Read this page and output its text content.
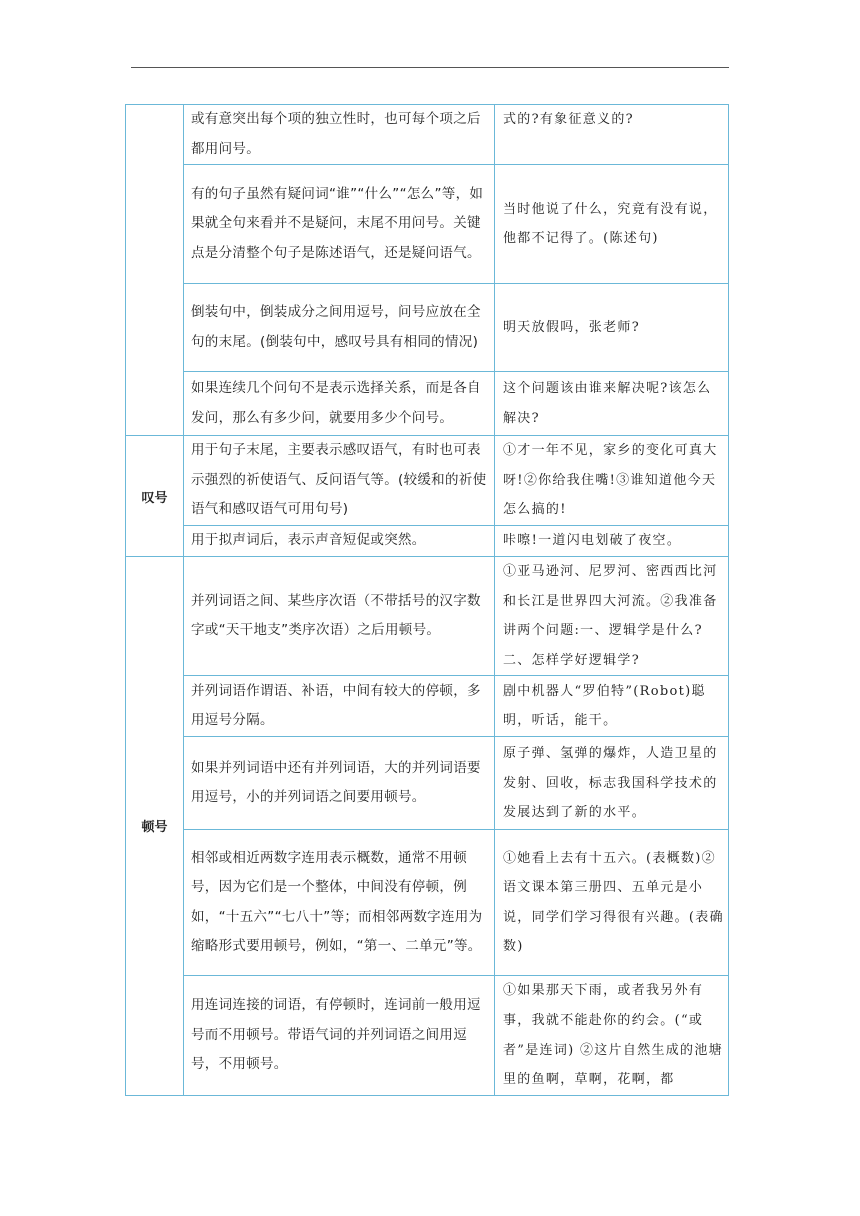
	或有意突出每个项的独立性时，也可每个项之后都用问号。	式的?有象征意义的?

	有的句子虽然有疑问词“谁”“什么”“怎么”等，如果就全句来看并不是疑问，末尾不用问号。关键点是分清整个句子是陈述语气，还是疑问语气。	当时他说了什么，究竟有没有说，他都不记得了。(陈述句)

	倒装句中，倒装成分之间用逗号，问号应放在全句的末尾。(倒装句中，感叹号具有相同的情况)	明天放假吗，张老师?

	如果连续几个问句不是表示选择关系，而是各自发问，那么有多少问，就要用多少个问号。	这个问题该由谁来解决呢?该怎么解决?

叹号	用于句子末尾，主要表示感叹语气，有时也可表示强烈的祈使语气、反问语气等。(较缓和的祈使语气和感叹语气可用句号)	①才一年不见，家乡的变化可真大呀!②你给我住嘴!③谁知道他今天怎么搞的!

	用于拟声词后，表示声音短促或突然。	咔嚓!一道闪电划破了夜空。

顿号	并列词语之间、某些序次语（不带括号的汉字数字或“天干地支”类序次语）之后用顿号。	①亚马逊河、尼罗河、密西西比河和长江是世界四大河流。②我准备讲两个问题:一、逻辑学是什么?二、怎样学好逻辑学?

	并列词语作谓语、补语，中间有较大的停顿，多用逗号分隔。	剧中机器人“罗伯特”(Robot)聪明，听话，能干。

	如果并列词语中还有并列词语，大的并列词语要用逗号，小的并列词语之间要用顿号。	原子弹、氢弹的爆炸，人造卫星的发射、回收，标志我国科学技术的发展达到了新的水平。

	相邻或相近两数字连用表示概数，通常不用顿号，因为它们是一个整体，中间没有停顿，例如，“十五六”“七八十”等；而相邻两数字连用为缩略形式要用顿号，例如，“第一、二单元”等。	①她看上去有十五六。(表概数)②语文课本第三册四、五单元是小说，同学们学习得很有兴趣。(表确数)

	用连词连接的词语，有停顿时，连词前一般用逗号而不用顿号。带语气词的并列词语之间用逗号，不用顿号。	①如果那天下雨，或者我另外有事，我就不能赴你的约会。(“或者”是连词) ②这片自然生成的池塘里的鱼啊，草啊，花啊，都
